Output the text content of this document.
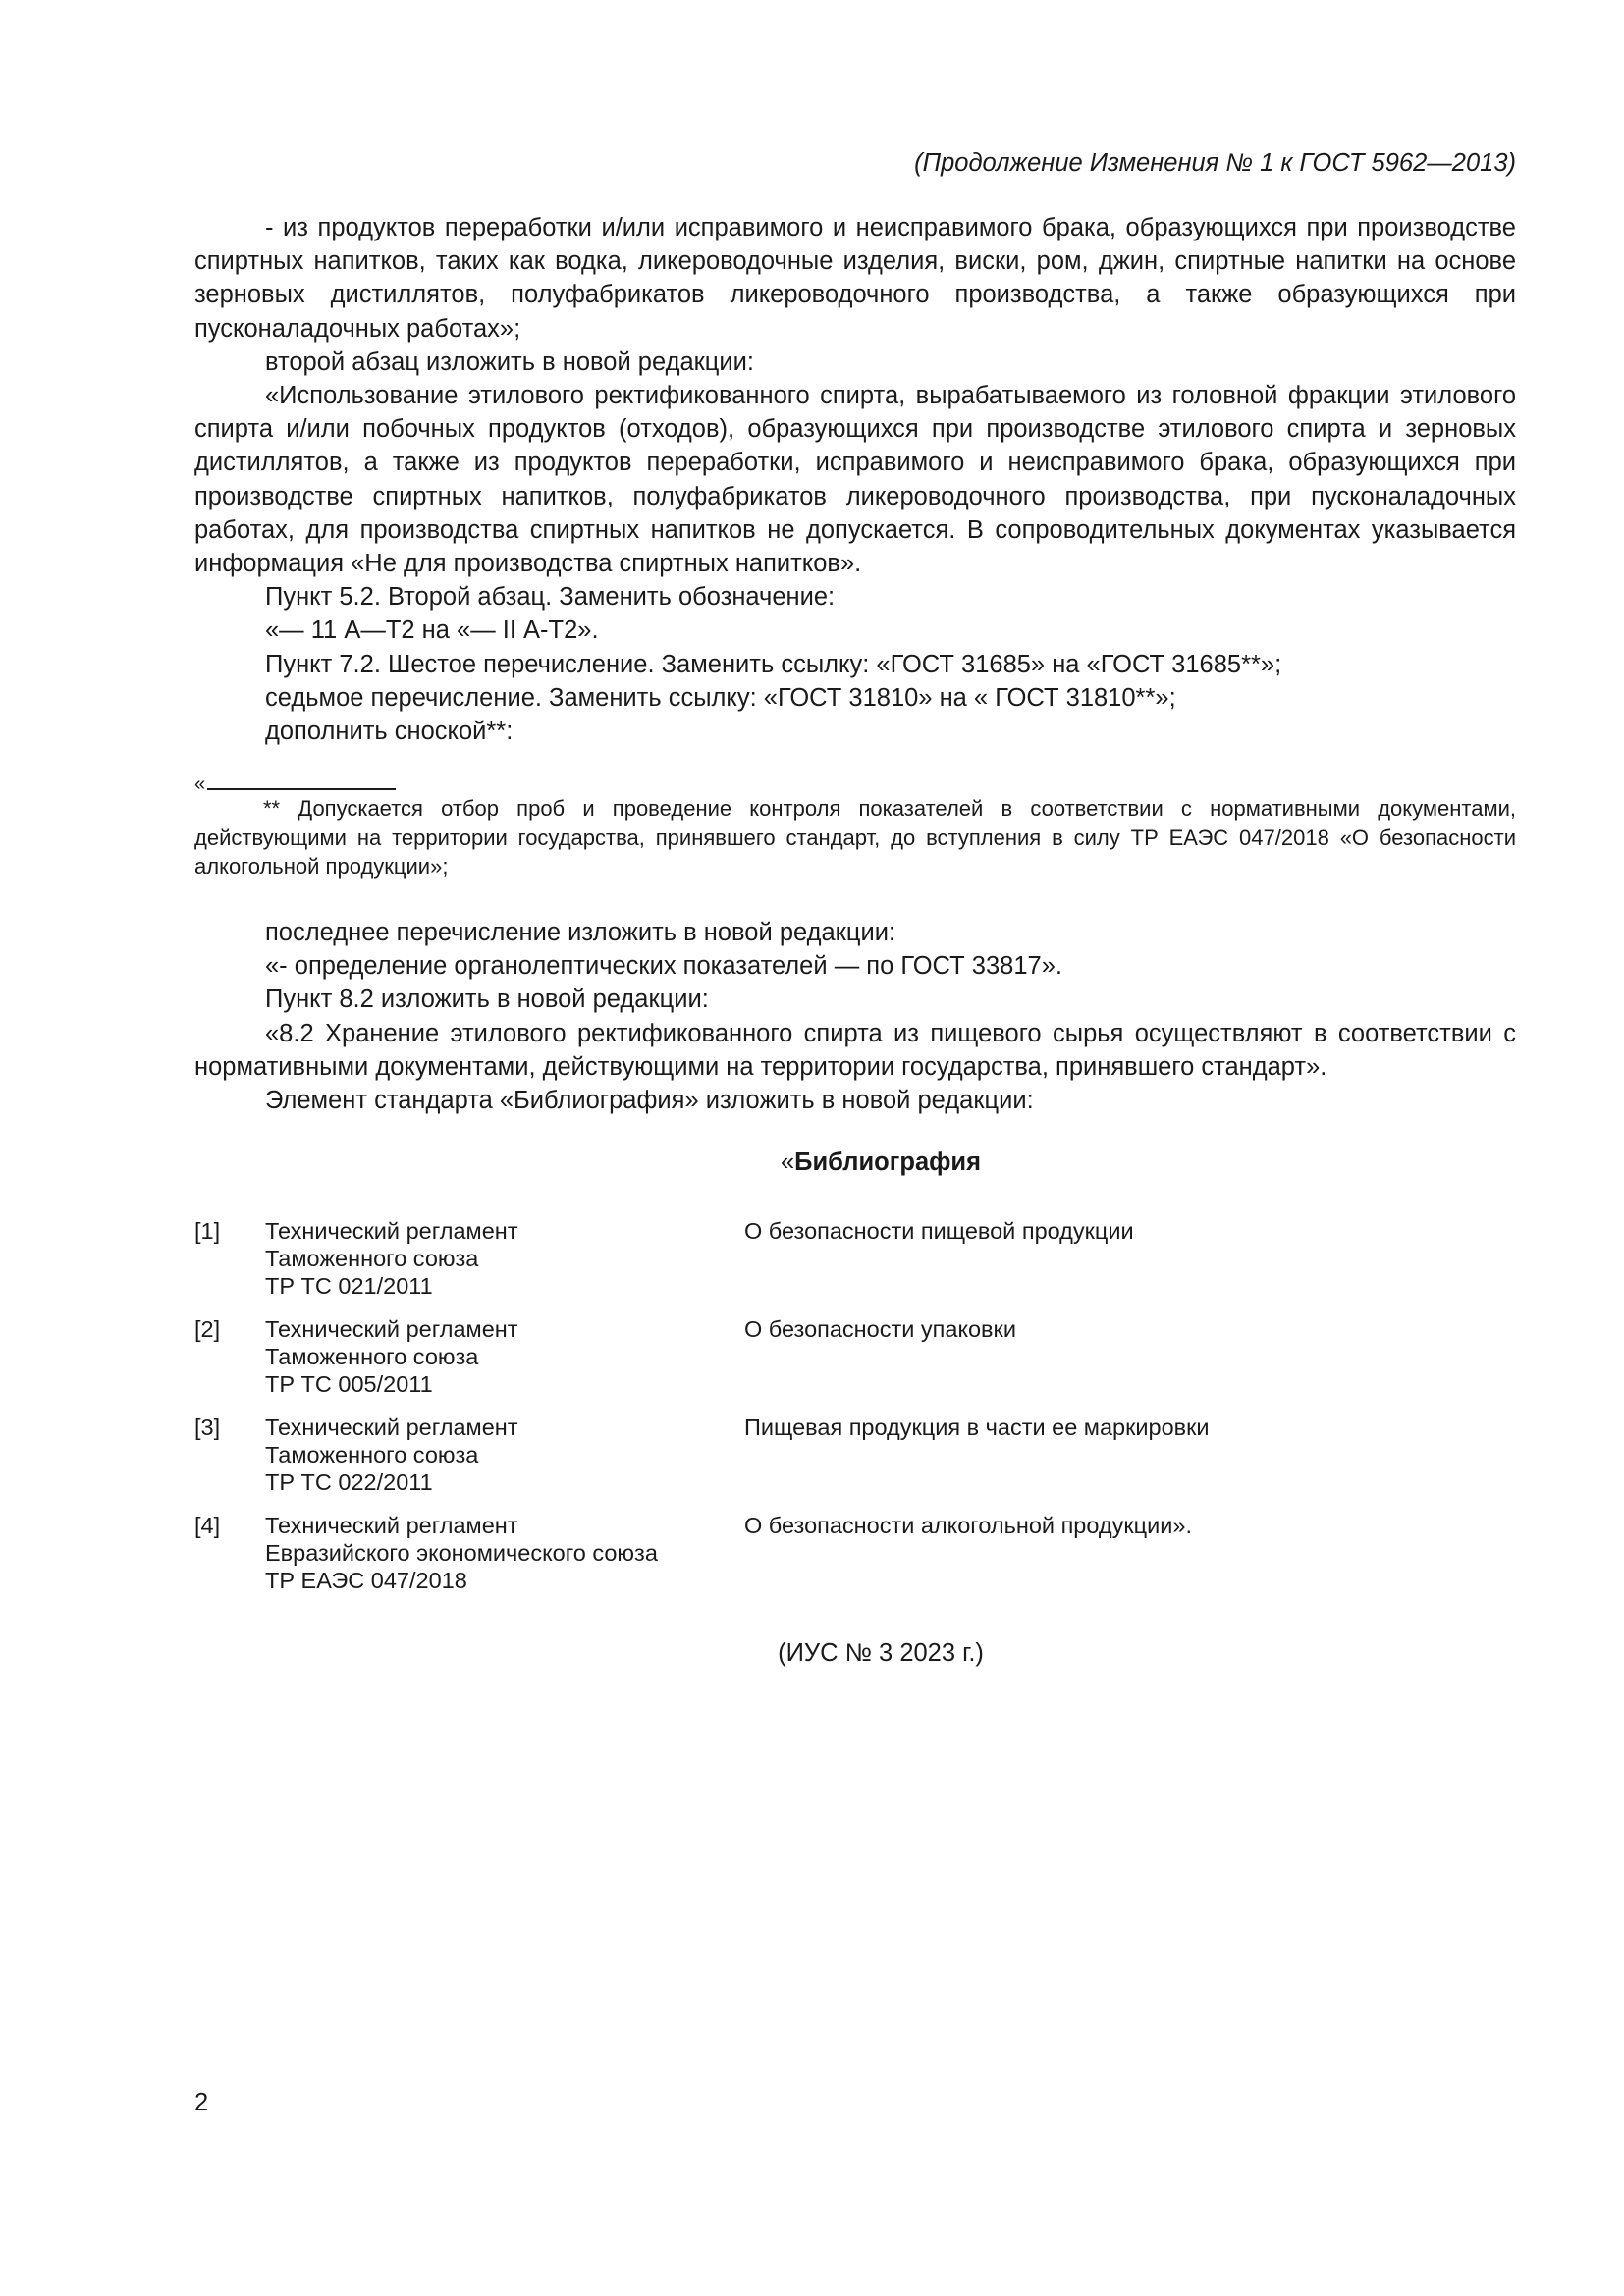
(Продолжение Изменения № 1 к ГОСТ 5962—2013)

- из продуктов переработки и/или исправимого и неисправимого брака, образующихся при производстве спиртных напитков, таких как водка, ликероводочные изделия, виски, ром, джин, спиртные напитки на основе зерновых дистиллятов, полуфабрикатов ликероводочного производства, а также образующихся при пусконаладочных работах»;

второй абзац изложить в новой редакции:

«Использование этилового ректификованного спирта, вырабатываемого из головной фракции этилового спирта и/или побочных продуктов (отходов), образующихся при производстве этилового спирта и зерновых дистиллятов, а также из продуктов переработки, исправимого и неисправимого брака, образующихся при производстве спиртных напитков, полуфабрикатов ликероводочного производства, при пусконаладочных работах, для производства спиртных напитков не допускается. В сопроводительных документах указывается информация «Не для производства спиртных напитков».

Пункт 5.2. Второй абзац. Заменить обозначение:

«— 11 А—Т2 на «— II А-Т2».

Пункт 7.2. Шестое перечисление. Заменить ссылку: «ГОСТ 31685» на «ГОСТ 31685**»;

седьмое перечисление. Заменить ссылку: «ГОСТ 31810» на « ГОСТ 31810**»;

дополнить сноской**:

«

** Допускается отбор проб и проведение контроля показателей в соответствии с нормативными документами, действующими на территории государства, принявшего стандарт, до вступления в силу ТР ЕАЭС 047/2018 «О безопасности алкогольной продукции»;

последнее перечисление изложить в новой редакции:

«- определение органолептических показателей — по ГОСТ 33817».

Пункт 8.2 изложить в новой редакции:

«8.2 Хранение этилового ректификованного спирта из пищевого сырья осуществляют в соответствии с нормативными документами, действующими на территории государства, принявшего стандарт».

Элемент стандарта «Библиография» изложить в новой редакции:

«Библиография
[1] Технический регламент
Таможенного союза
ТР ТС 021/2011
О безопасности пищевой продукции
[2] Технический регламент
Таможенного союза
ТР ТС 005/2011
О безопасности упаковки
[3] Технический регламент
Таможенного союза
ТР ТС 022/2011
Пищевая продукция в части ее маркировки
[4] Технический регламент
Евразийского экономического союза
ТР ЕАЭС 047/2018
О безопасности алкогольной продукции».
(ИУС № 3 2023 г.)
2
